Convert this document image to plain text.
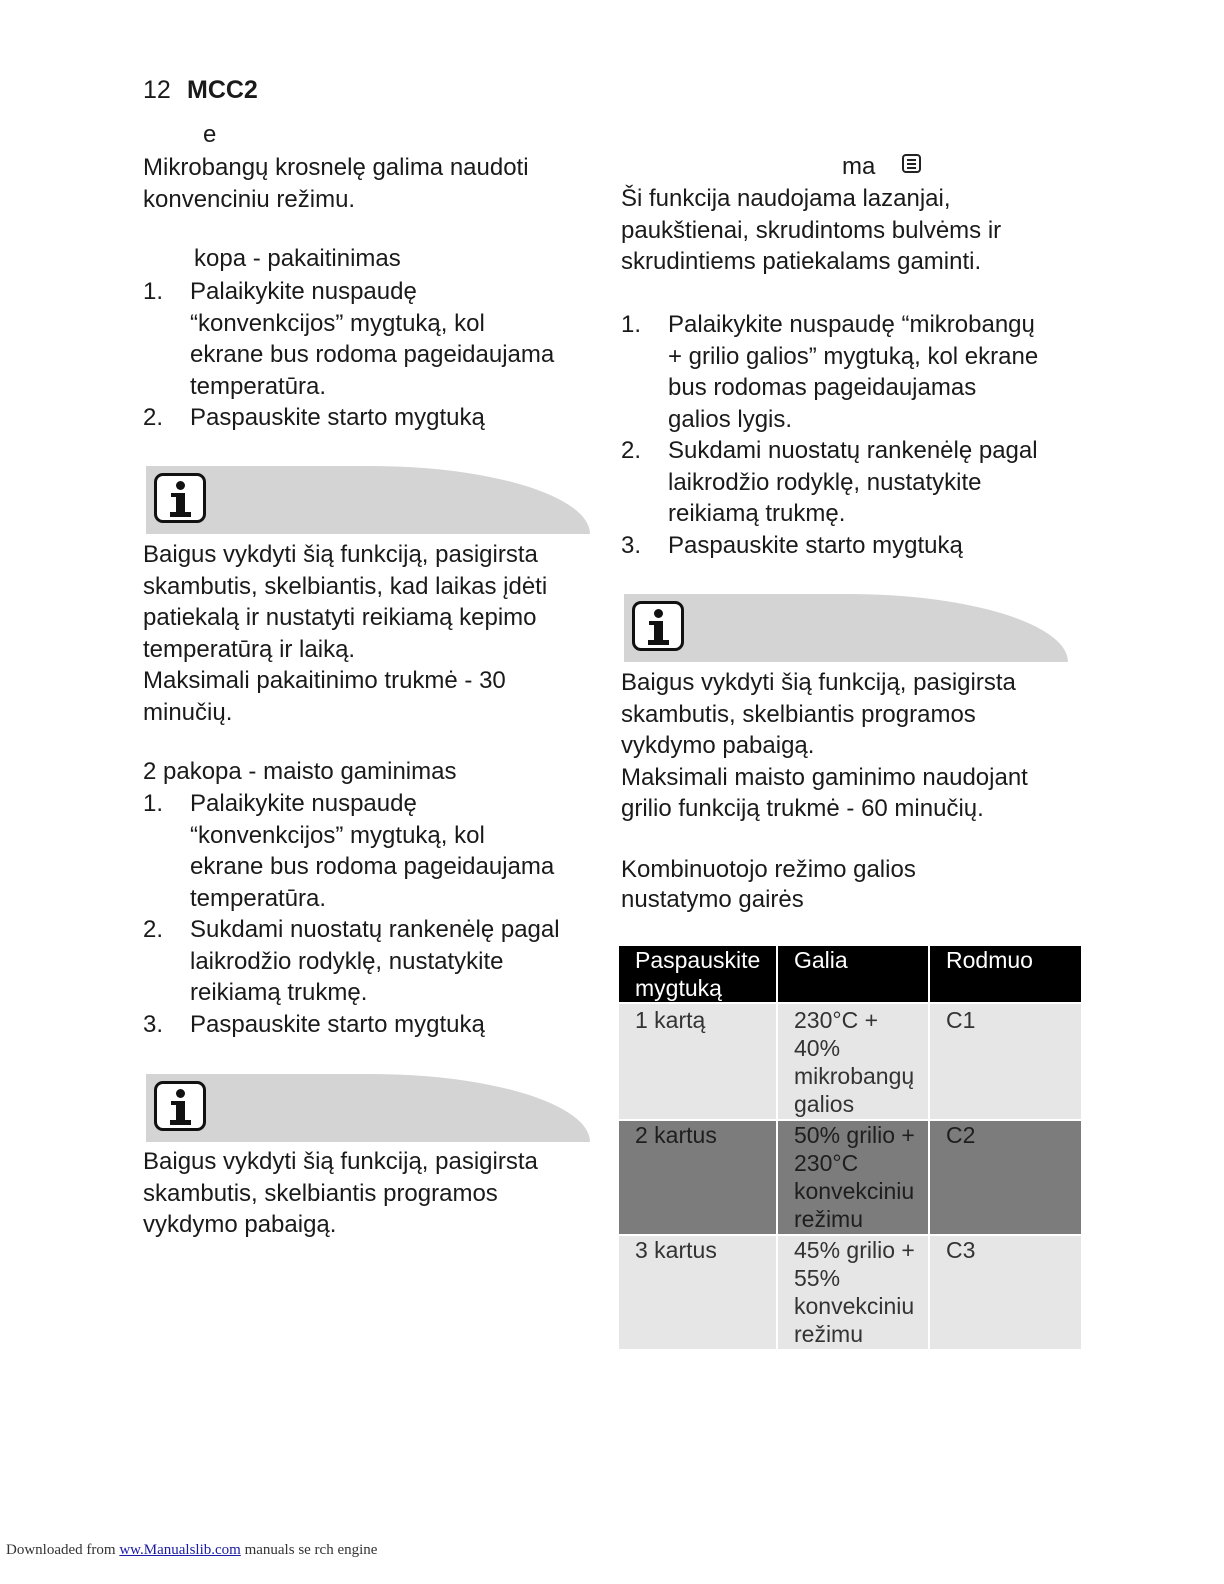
12 MCC2
e
Mikrobangų krosnelę galima naudoti
konvenciniu režimu.
kopa - pakaitinimas
1. Palaikykite nuspaudę
“konvenkcijos” mygtuką, kol
ekrane bus rodoma pageidaujama
temperatūra.
2. Paspauskite starto mygtuką
Baigus vykdyti šią funkciją, pasigirsta
skambutis, skelbiantis, kad laikas įdėti
patiekalą ir nustatyti reikiamą kepimo
temperatūrą ir laiką.
Maksimali pakaitinimo trukmė - 30
minučių.
2 pakopa - maisto gaminimas
1. Palaikykite nuspaudę
“konvenkcijos” mygtuką, kol
ekrane bus rodoma pageidaujama
temperatūra.
2. Sukdami nuostatų rankenėlę pagal
laikrodžio rodyklę, nustatykite
reikiamą trukmę.
3. Paspauskite starto mygtuką
Baigus vykdyti šią funkciją, pasigirsta
skambutis, skelbiantis programos
vykdymo pabaigą.
ma
Ši funkcija naudojama lazanjai,
paukštienai, skrudintoms bulvėms ir
skrudintiems patiekalams gaminti.
1. Palaikykite nuspaudę “mikrobangų
+ grilio galios” mygtuką, kol ekrane
bus rodomas pageidaujamas
galios lygis.
2. Sukdami nuostatų rankenėlę pagal
laikrodžio rodyklę, nustatykite
reikiamą trukmę.
3. Paspauskite starto mygtuką
Baigus vykdyti šią funkciją, pasigirsta
skambutis, skelbiantis programos
vykdymo pabaigą.
Maksimali maisto gaminimo naudojant
grilio funkciją trukmė - 60 minučių.
Kombinuotojo režimo galios
nustatymo gairės
Paspauskite
mygtuką	Galia	Rodmuo

1 kartą	230°C +
40%
mikrobangų
galios	C1

2 kartus	50% grilio +
230°C
konvekciniu
režimu	C2

3 kartus	45% grilio +
55%
konvekciniu
režimu	C3
Downloaded from ww.Manualslib.com manuals se rch engine
